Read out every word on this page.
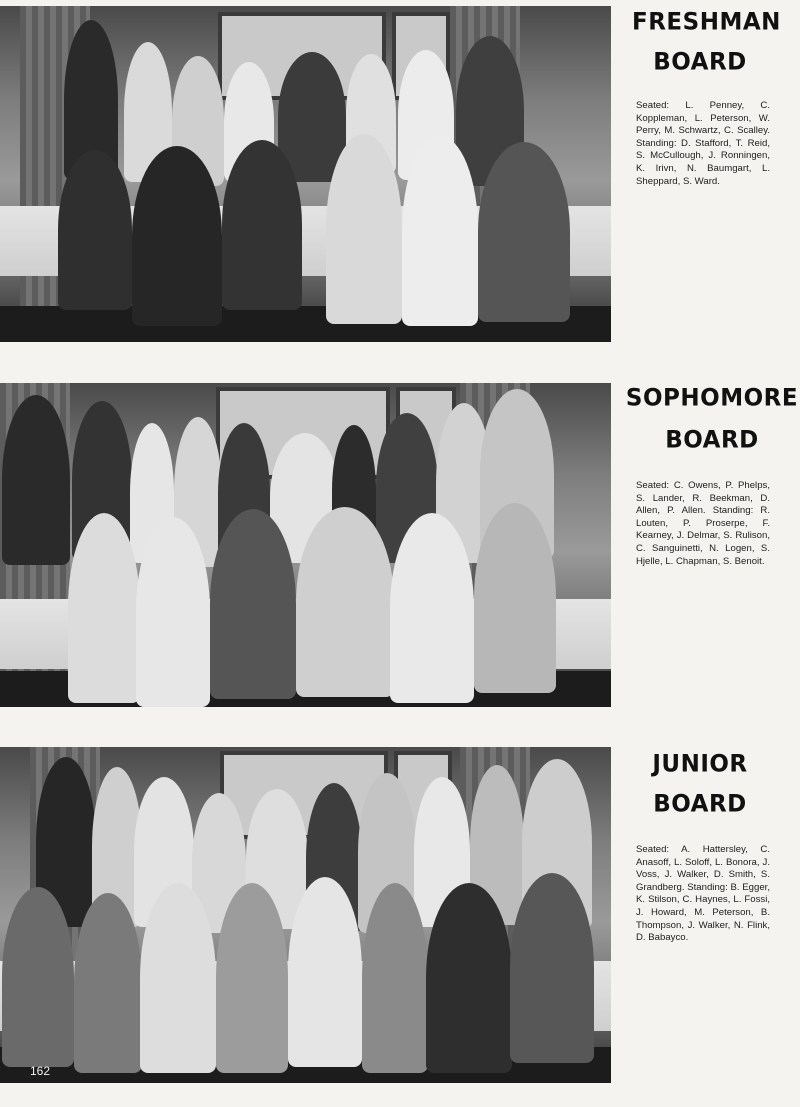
FRESHMAN
BOARD

Seated: L. Penney, C. Koppleman, L. Peterson, W. Perry, M. Schwartz, C. Scalley. Standing: D. Stafford, T. Reid, S. McCullough, J. Ronningen, K. Irivn, N. Baumgart, L. Sheppard, S. Ward.

SOPHOMORE
BOARD

Seated: C. Owens, P. Phelps, S. Lander, R. Beekman, D. Allen, P. Allen. Standing: R. Louten, P. Proserpe, F. Kearney, J. Delmar, S. Rulison, C. Sanguinetti, N. Logen, S. Hjelle, L. Chapman, S. Benoit.

JUNIOR
BOARD

Seated: A. Hattersley, C. Anasoff, L. Soloff, L. Bonora, J. Voss, J. Walker, D. Smith, S. Grandberg. Standing: B. Egger, K. Stilson, C. Haynes, L. Fossi, J. Howard, M. Peterson, B. Thompson, J. Walker, N. Flink, D. Babayco.

162
